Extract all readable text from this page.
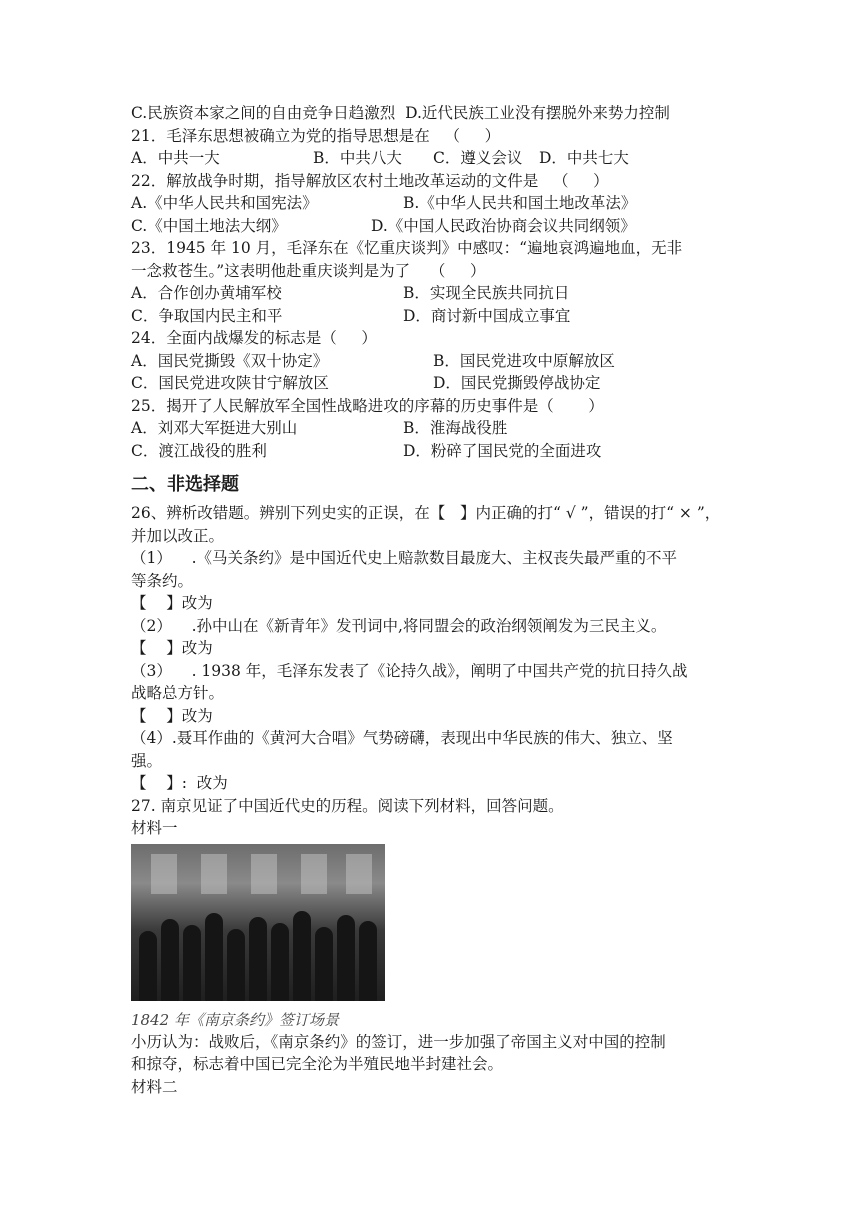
C.民族资本家之间的自由竞争日趋激烈  D.近代民族工业没有摆脱外来势力控制
21．毛泽东思想被确立为党的指导思想是在   （     ）
A．中共一大	B．中共八大	C．遵义会议	D．中共七大
22．解放战争时期，指导解放区农村土地改革运动的文件是   （     ）
A.《中华人民共和国宪法》	B.《中华人民共和国土地改革法》
C.《中国土地法大纲》	D.《中国人民政治协商会议共同纲领》
23．1945 年 10 月，毛泽东在《忆重庆谈判》中感叹：“遍地哀鸿遍地血，无非
一念救苍生。”这表明他赴重庆谈判是为了    （     ）
A．合作创办黄埔军校	B．实现全民族共同抗日
C．争取国内民主和平	D．商讨新中国成立事宜
24．全面内战爆发的标志是（     ）
A．国民党撕毁《双十协定》	B．国民党进攻中原解放区
C．国民党进攻陕甘宁解放区	D．国民党撕毁停战协定
25．揭开了人民解放军全国性战略进攻的序幕的历史事件是（       ）
A．刘邓大军挺进大别山	B．淮海战役胜
C．渡江战役的胜利	D．粉碎了国民党的全面进攻
二、非选择题
26、辨析改错题。辨别下列史实的正误，在【   】内正确的打“ √ ”，错误的打“ × ”，
并加以改正。
（1）    .《马关条约》是中国近代史上赔款数目最庞大、主权丧失最严重的不平
等条约。
【    】改为
（2）    .孙中山在《新青年》发刊词中,将同盟会的政治纲领阐发为三民主义。
【    】改为
（3）    . 1938 年，毛泽东发表了《论持久战》，阐明了中国共产党的抗日持久战
战略总方针。
【    】改为
（4）.聂耳作曲的《黄河大合唱》气势磅礴，表现出中华民族的伟大、独立、坚
强。
【    】:  改为
27. 南京见证了中国近代史的历程。阅读下列材料，回答问题。
材料一
1842 年《南京条约》签订场景
小历认为：战败后，《南京条约》的签订，进一步加强了帝国主义对中国的控制
和掠夺，标志着中国已完全沦为半殖民地半封建社会。
材料二
